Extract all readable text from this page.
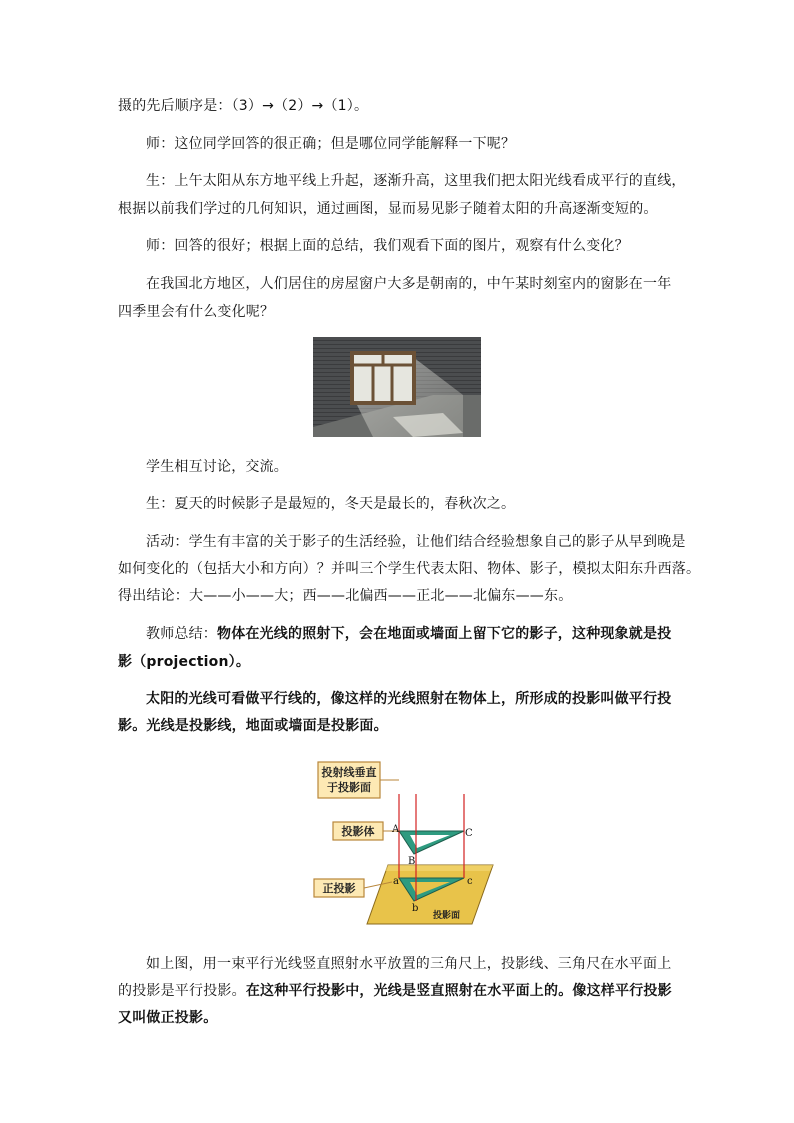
摄的先后顺序是：（3）→（2）→（1）。
师：这位同学回答的很正确；但是哪位同学能解释一下呢？
生：上午太阳从东方地平线上升起，逐渐升高，这里我们把太阳光线看成平行的直线，
根据以前我们学过的几何知识，通过画图，显而易见影子随着太阳的升高逐渐变短的。
师：回答的很好；根据上面的总结，我们观看下面的图片，观察有什么变化？
在我国北方地区，人们居住的房屋窗户大多是朝南的，中午某时刻室内的窗影在一年
四季里会有什么变化呢？
学生相互讨论，交流。
生：夏天的时候影子是最短的，冬天是最长的，春秋次之。
活动：学生有丰富的关于影子的生活经验，让他们结合经验想象自己的影子从早到晚是
如何变化的（包括大小和方向）？并叫三个学生代表太阳、物体、影子，模拟太阳东升西落。
得出结论：大——小——大；西——北偏西——正北——北偏东——东。
教师总结：物体在光线的照射下，会在地面或墙面上留下它的影子，这种现象就是投
影（projection）。
太阳的光线可看做平行线的，像这样的光线照射在物体上，所形成的投影叫做平行投
影。光线是投影线，地面或墙面是投影面。
投射线垂直
于投影面
投影体
正投影
A
B
C
a
b
c
投影面
如上图，用一束平行光线竖直照射水平放置的三角尺上，投影线、三角尺在水平面上
的投影是平行投影。在这种平行投影中，光线是竖直照射在水平面上的。像这样平行投影
又叫做正投影。
